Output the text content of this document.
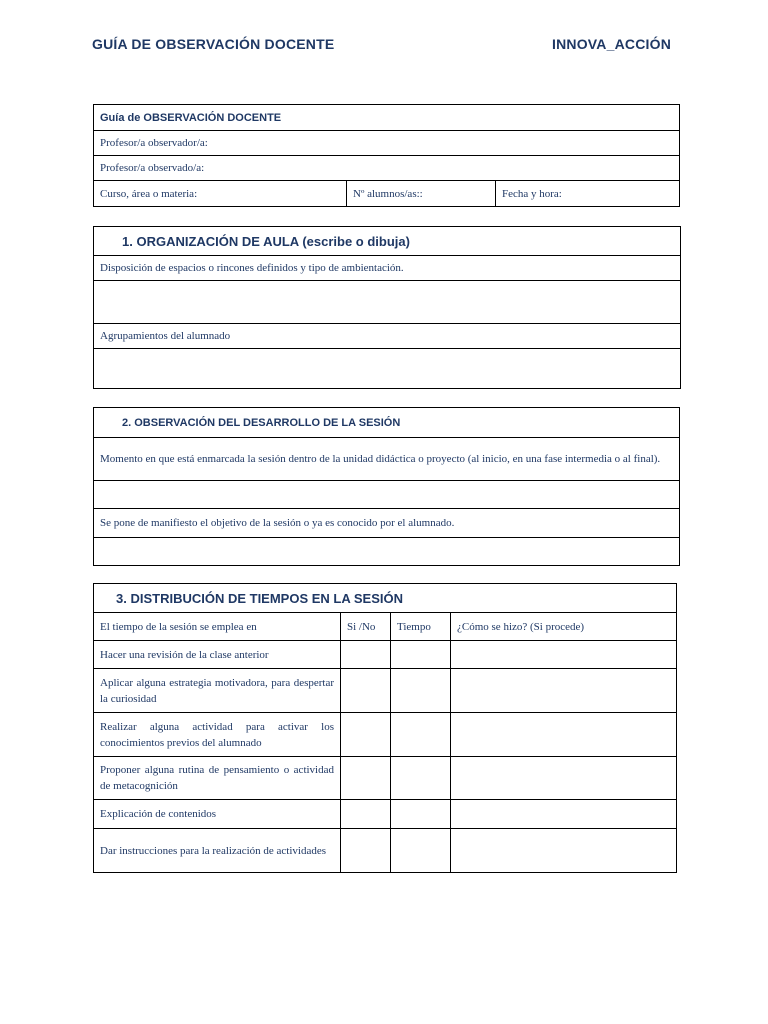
GUÍA DE OBSERVACIÓN DOCENTE	INNOVA_ACCIÓN
Guía de OBSERVACIÓN DOCENTE
Profesor/a observador/a:
Profesor/a observado/a:
Curso, área o materia:	Nº alumnos/as::	Fecha y hora:
1. ORGANIZACIÓN DE AULA (escribe o dibuja)
Disposición de espacios o rincones definidos y tipo de ambientación.

Agrupamientos del alumnado

2. OBSERVACIÓN DEL DESARROLLO DE LA SESIÓN
Momento en que está enmarcada la sesión dentro de la unidad didáctica o proyecto (al inicio, en una fase intermedia o al final).

Se pone de manifiesto el objetivo de la sesión o ya es conocido por el alumnado.

3. DISTRIBUCIÓN DE TIEMPOS EN LA SESIÓN			
El tiempo de la sesión se emplea en	Si /No	Tiempo	¿Cómo se hizo? (Si procede)
Hacer una revisión de la clase anterior			
Aplicar alguna estrategia motivadora, para despertar la curiosidad			
Realizar alguna actividad para activar los conocimientos previos del alumnado			
Proponer alguna rutina de pensamiento o actividad de metacognición			
Explicación de contenidos			
Dar instrucciones para la realización de actividades			
